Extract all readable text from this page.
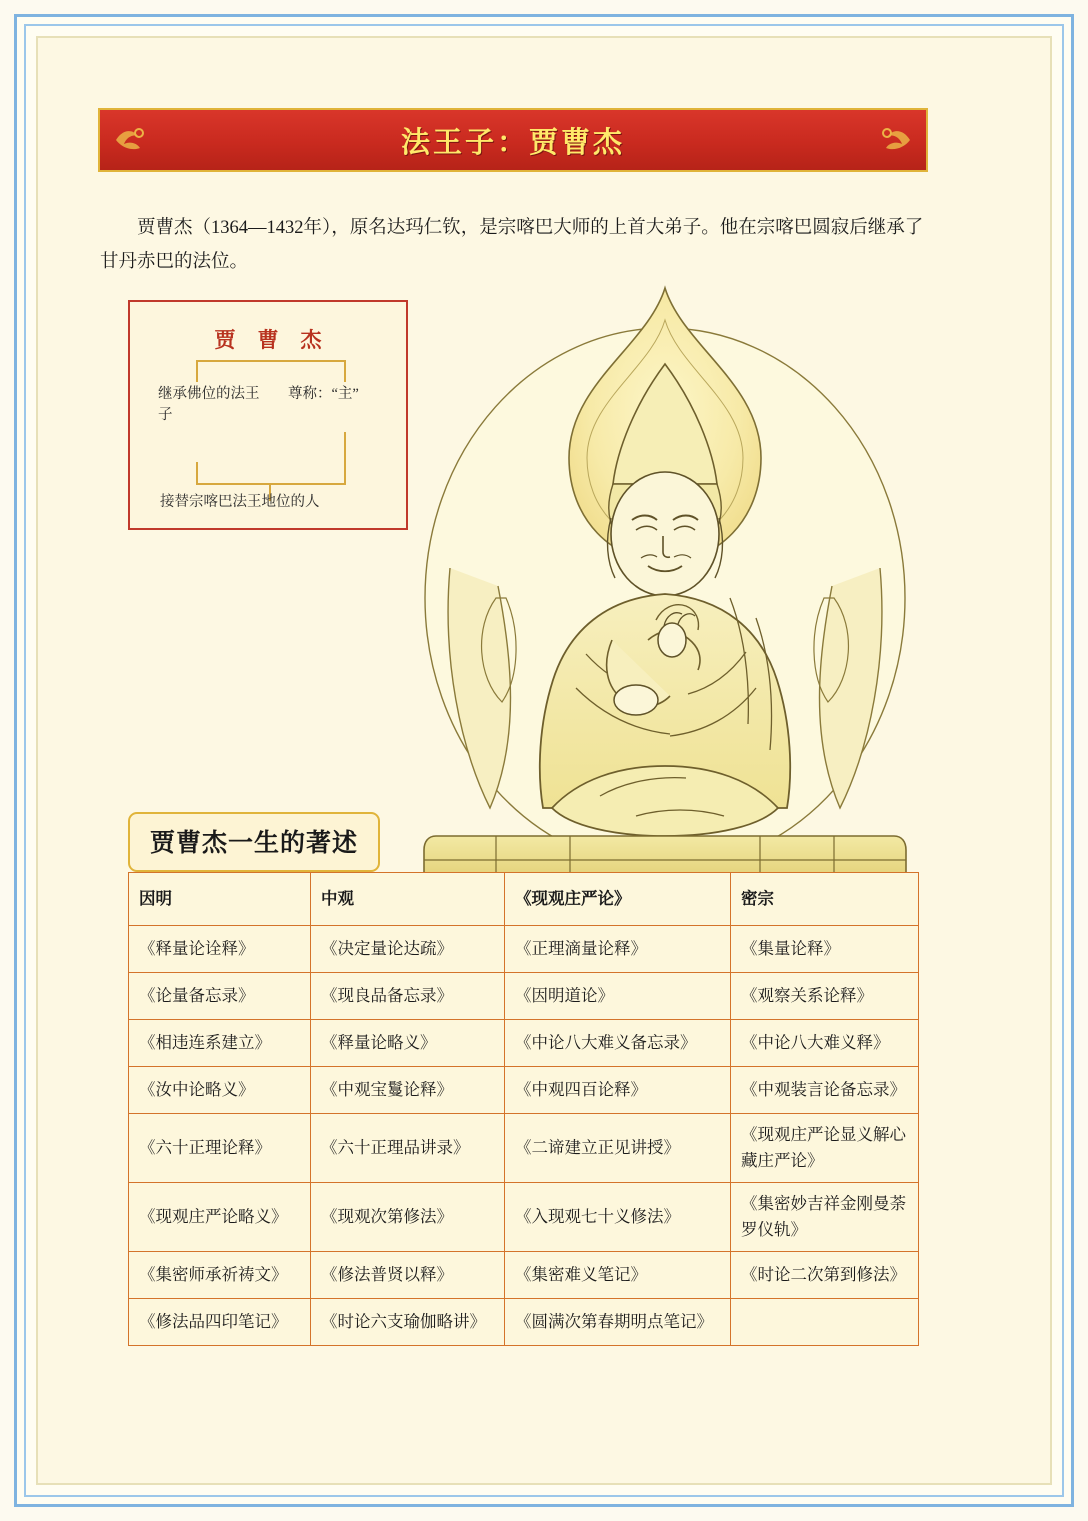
法王子：贾曹杰

贾曹杰（1364—1432年），原名达玛仁钦，是宗喀巴大师的上首大弟子。他在宗喀巴圆寂后继承了甘丹赤巴的法位。

贾曹杰
继承佛位的法王子
尊称：“主”
接替宗喀巴法王地位的人
贾曹杰一生的著述
因明	中观	《现观庄严论》	密宗
《释量论诠释》	《决定量论达疏》	《正理滴量论释》	《集量论释》
《论量备忘录》	《现良品备忘录》	《因明道论》	《观察关系论释》
《相违连系建立》	《释量论略义》	《中论八大难义备忘录》	《中论八大难义释》
《汝中论略义》	《中观宝鬘论释》	《中观四百论释》	《中观装言论备忘录》
《六十正理论释》	《六十正理品讲录》	《二谛建立正见讲授》	《现观庄严论显义解心藏庄严论》
《现观庄严论略义》	《现观次第修法》	《入现观七十义修法》	《集密妙吉祥金刚曼荼罗仪轨》
《集密师承祈祷文》	《修法普贤以释》	《集密难义笔记》	《时论二次第到修法》
《修法品四印笔记》	《时论六支瑜伽略讲》	《圆满次第春期明点笔记》	
